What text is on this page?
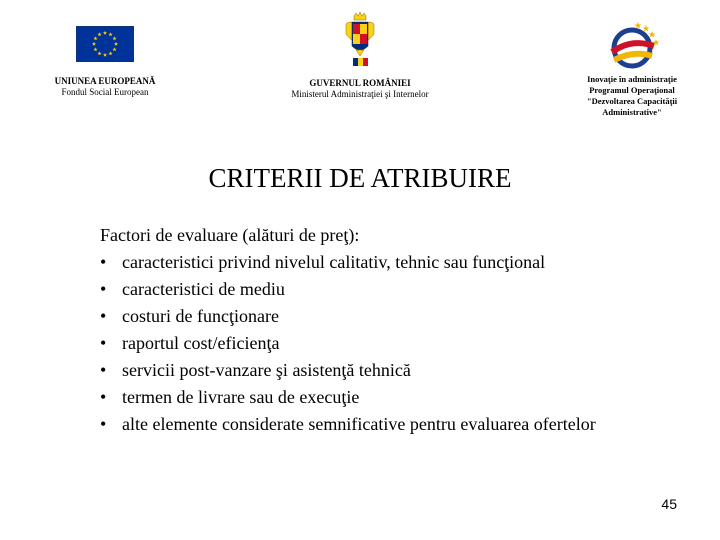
UNIUNEA EUROPEANĂ
Fondul Social European
GUVERNUL ROMÂNIEI
Ministerul Administraţiei şi Internelor
Inovaţie în administraţie
Programul Operaţional
"Dezvoltarea Capacităţii
Administrative"
CRITERII DE ATRIBUIRE

Factori de evaluare (alături de preţ):

• caracteristici privind nivelul calitativ, tehnic sau funcţional
• caracteristici de mediu
• costuri de funcţionare
• raportul cost/eficienţa
• servicii post-vanzare şi asistenţă tehnică
• termen de livrare sau de execuţie
• alte elemente considerate semnificative pentru evaluarea ofertelor
45
